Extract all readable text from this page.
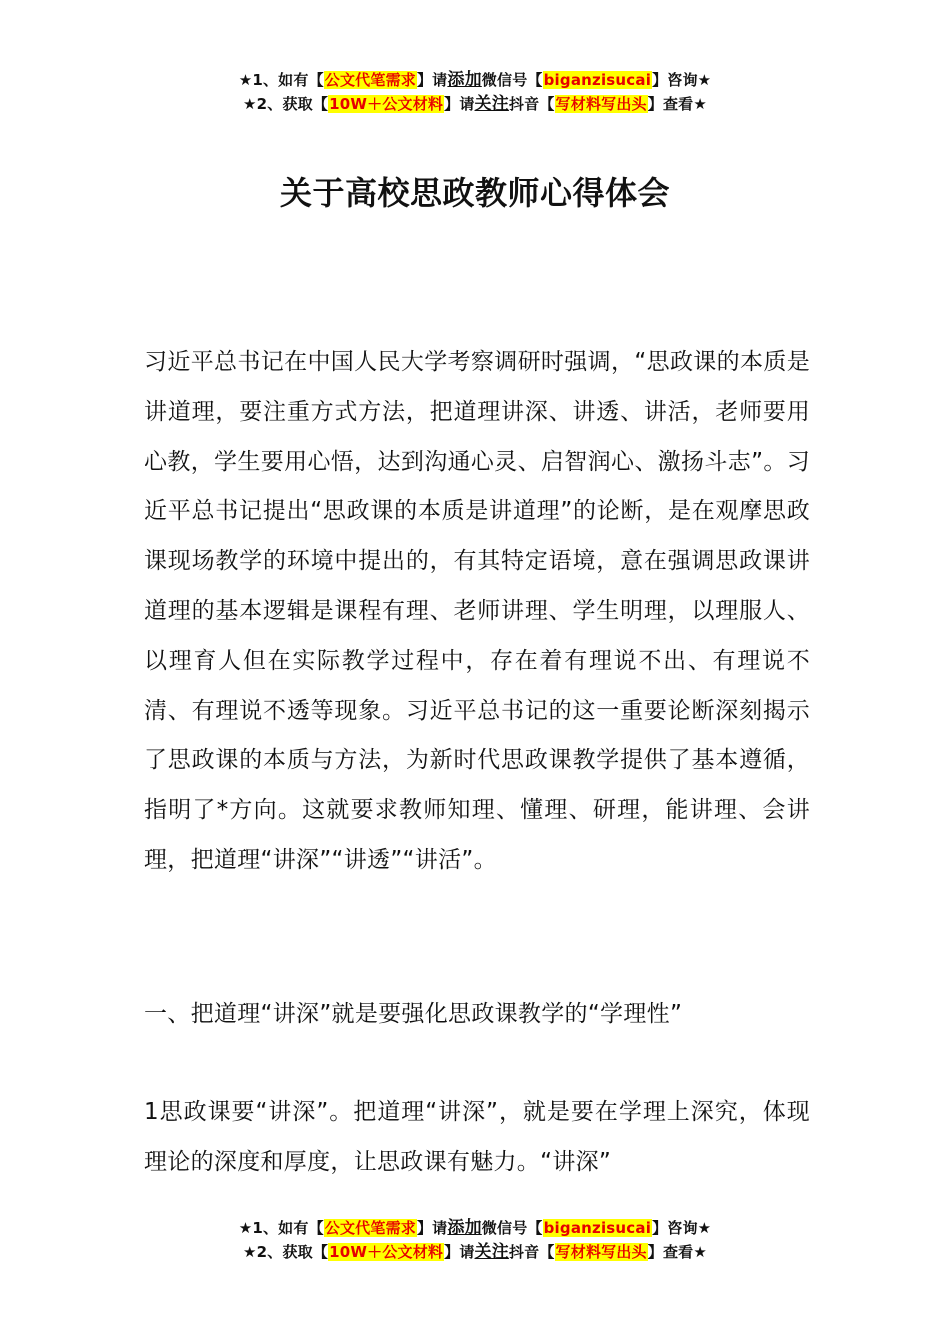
★1、如有【公文代笔需求】请添加微信号【biganzisucai】咨询★
★2、获取【10W＋公文材料】请关注抖音【写材料写出头】查看★
关于高校思政教师心得体会

习近平总书记在中国人民大学考察调研时强调，“思政课的本质是讲道理，要注重方式方法，把道理讲深、讲透、讲活，老师要用心教，学生要用心悟，达到沟通心灵、启智润心、激扬斗志”。习近平总书记提出“思政课的本质是讲道理”的论断，是在观摩思政课现场教学的环境中提出的，有其特定语境，意在强调思政课讲道理的基本逻辑是课程有理、老师讲理、学生明理，以理服人、以理育人但在实际教学过程中，存在着有理说不出、有理说不清、有理说不透等现象。习近平总书记的这一重要论断深刻揭示了思政课的本质与方法，为新时代思政课教学提供了基本遵循，指明了*方向。这就要求教师知理、懂理、研理，能讲理、会讲理，把道理“讲深”“讲透”“讲活”。

一、把道理“讲深”就是要强化思政课教学的“学理性”

1思政课要“讲深”。把道理“讲深”，就是要在学理上深究，体现理论的深度和厚度，让思政课有魅力。“讲深”

★1、如有【公文代笔需求】请添加微信号【biganzisucai】咨询★
★2、获取【10W＋公文材料】请关注抖音【写材料写出头】查看★
